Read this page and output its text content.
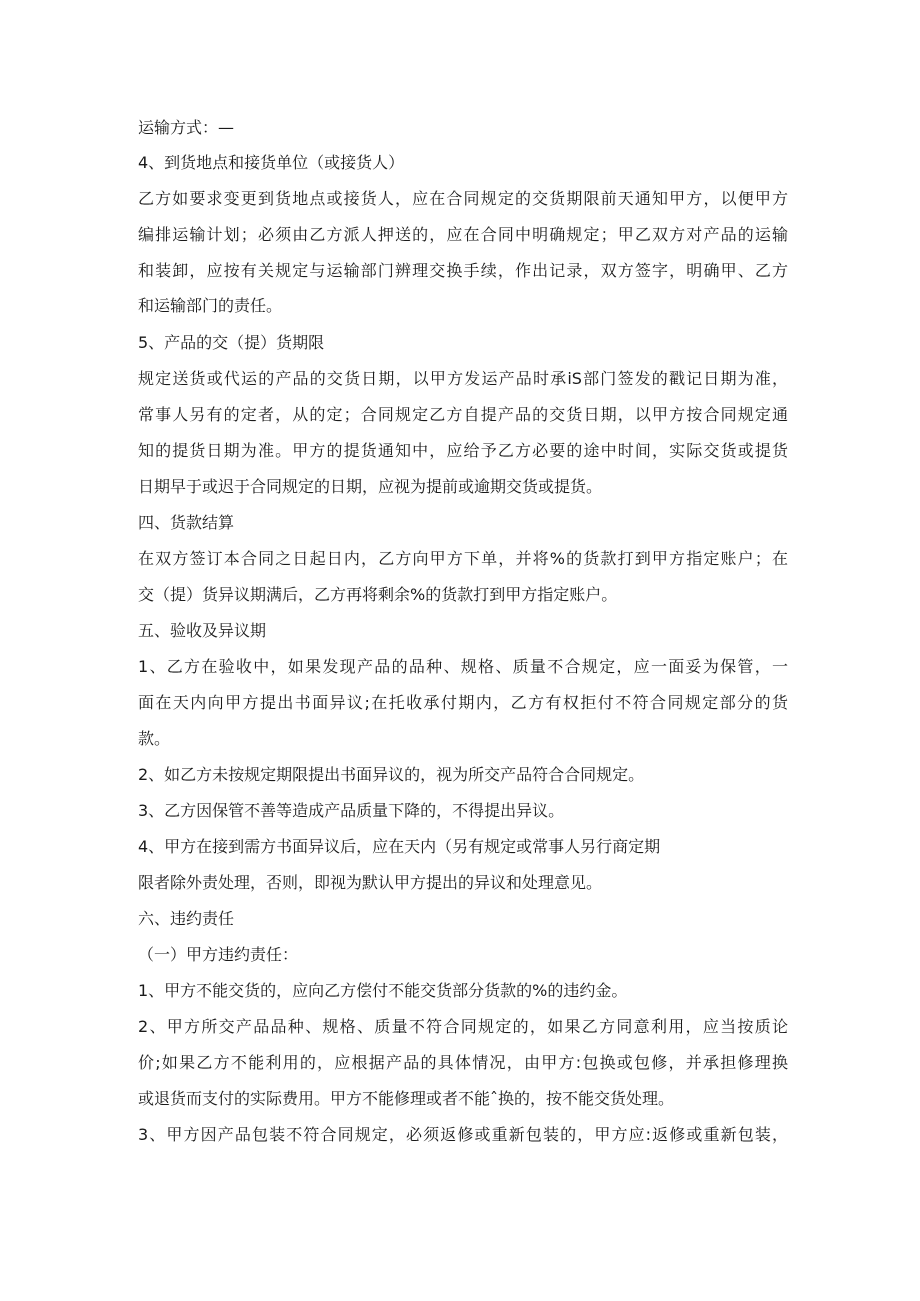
运输方式：—
4、到货地点和接货单位（或接货人）
乙方如要求变更到货地点或接货人，应在合同规定的交货期限前天通知甲方，以便甲方
编排运输计划；必须由乙方派人押送的，应在合同中明确规定；甲乙双方对产品的运输
和装卸，应按有关规定与运输部门辨理交换手续，作出记录，双方签字，明确甲、乙方
和运输部门的责任。
5、产品的交（提）货期限
规定送货或代运的产品的交货日期，以甲方发运产品时承iS部门签发的戳记日期为准，
常事人另有的定者，从的定；合同规定乙方自提产品的交货日期，以甲方按合同规定通
知的提货日期为准。甲方的提货通知中，应给予乙方必要的途中时间，实际交货或提货
日期早于或迟于合同规定的日期，应视为提前或逾期交货或提货。
四、货款结算
在双方签订本合同之日起日内，乙方向甲方下单，并将%的货款打到甲方指定账户；在
交（提）货异议期满后，乙方再将剩余%的货款打到甲方指定账户。
五、验收及异议期
1、乙方在验收中，如果发现产品的品种、规格、质量不合规定，应一面妥为保管，一
面在天内向甲方提出书面异议;在托收承付期内，乙方有权拒付不符合同规定部分的货
款。
2、如乙方未按规定期限提出书面异议的，视为所交产品符合合同规定。
3、乙方因保管不善等造成产品质量下降的，不得提出异议。
4、甲方在接到需方书面异议后，应在天内（另有规定或常事人另行商定期
限者除外责处理，否则，即视为默认甲方提出的异议和处理意见。
六、违约责任
（一）甲方违约责任：
1、甲方不能交货的，应向乙方偿付不能交货部分货款的%的违约金。
2、甲方所交产品品种、规格、质量不符合同规定的，如果乙方同意利用，应当按质论
价;如果乙方不能利用的，应根据产品的具体情况，由甲方:包换或包修，并承担修理换
或退货而支付的实际费用。甲方不能修理或者不能ˆ换的，按不能交货处理。
3、甲方因产品包装不符合同规定，必须返修或重新包装的，甲方应:返修或重新包装，
